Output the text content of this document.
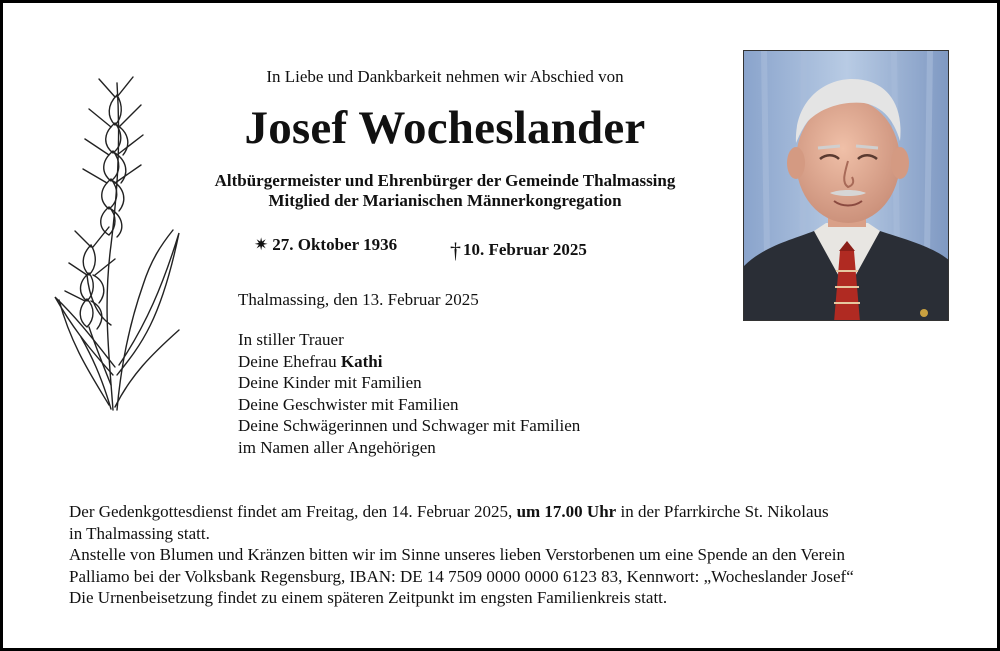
In Liebe und Dankbarkeit nehmen wir Abschied von
Josef Wocheslander
Altbürgermeister und Ehrenbürger der Gemeinde Thalmassing
Mitglied der Marianischen Männerkongregation
✷ 27. Oktober 1936 † 10. Februar 2025
Thalmassing, den 13. Februar 2025
In stiller Trauer
Deine Ehefrau Kathi
Deine Kinder mit Familien
Deine Geschwister mit Familien
Deine Schwägerinnen und Schwager mit Familien
im Namen aller Angehörigen
Der Gedenkgottesdienst findet am Freitag, den 14. Februar 2025, um 17.00 Uhr in der Pfarrkirche St. Nikolaus
in Thalmassing statt.
Anstelle von Blumen und Kränzen bitten wir im Sinne unseres lieben Verstorbenen um eine Spende an den Verein
Palliamo bei der Volksbank Regensburg, IBAN: DE 14 7509 0000 0000 6123 83, Kennwort: „Wocheslander Josef“
Die Urnenbeisetzung findet zu einem späteren Zeitpunkt im engsten Familienkreis statt.
